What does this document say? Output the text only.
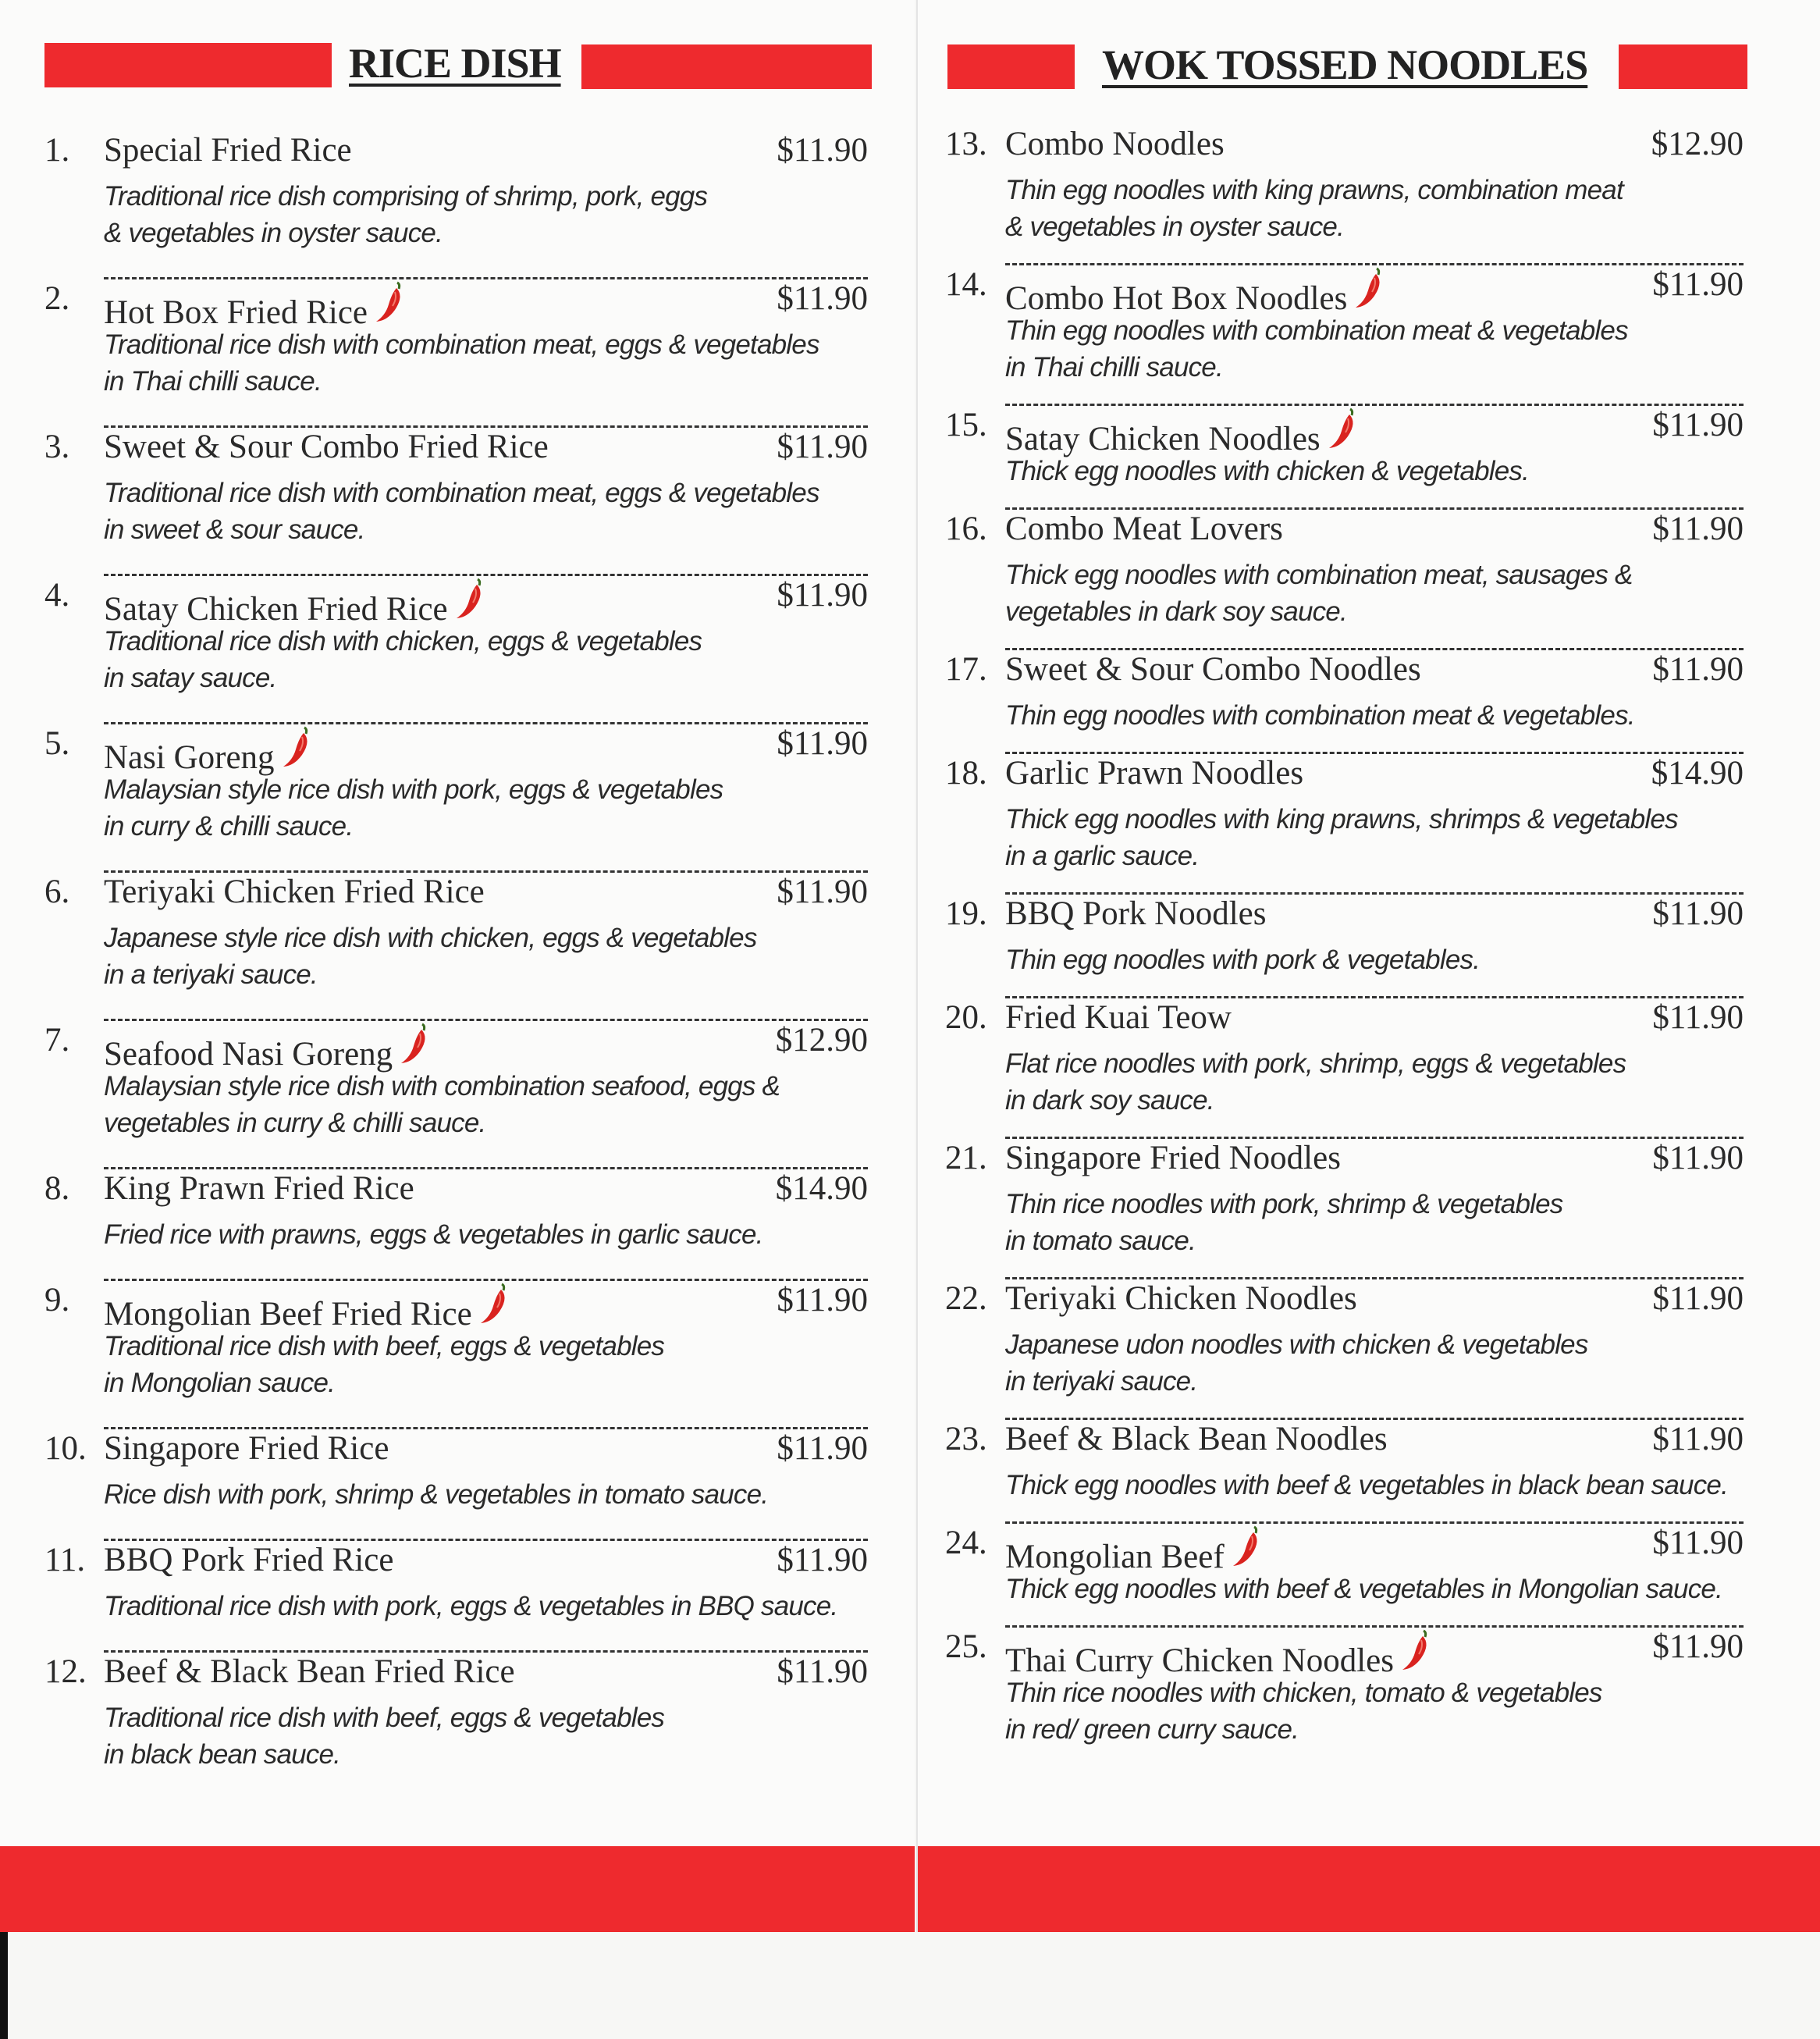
RICE DISH
1. Special Fried Rice	$11.90
Traditional rice dish comprising of shrimp, pork, eggs
& vegetables in oyster sauce.
2. Hot Box Fried Rice	$11.90
Traditional rice dish with combination meat, eggs & vegetables
in Thai chilli sauce.
3. Sweet & Sour Combo Fried Rice	$11.90
Traditional rice dish with combination meat, eggs & vegetables
in sweet & sour sauce.
4. Satay Chicken Fried Rice	$11.90
Traditional rice dish with chicken, eggs & vegetables
in satay sauce.
5. Nasi Goreng	$11.90
Malaysian style rice dish with pork, eggs & vegetables
in curry & chilli sauce.
6. Teriyaki Chicken Fried Rice	$11.90
Japanese style rice dish with chicken, eggs & vegetables
in a teriyaki sauce.
7. Seafood Nasi Goreng	$12.90
Malaysian style rice dish with combination seafood, eggs &
vegetables in curry & chilli sauce.
8. King Prawn Fried Rice	$14.90
Fried rice with prawns, eggs & vegetables in garlic sauce.
9. Mongolian Beef Fried Rice	$11.90
Traditional rice dish with beef, eggs & vegetables
in Mongolian sauce.
10. Singapore Fried Rice	$11.90
Rice dish with pork, shrimp & vegetables in tomato sauce.
11. BBQ Pork Fried Rice	$11.90
Traditional rice dish with pork, eggs & vegetables in BBQ sauce.
12. Beef & Black Bean Fried Rice	$11.90
Traditional rice dish with beef, eggs & vegetables
in black bean sauce.
WOK TOSSED NOODLES
13. Combo Noodles	$12.90
Thin egg noodles with king prawns, combination meat
& vegetables in oyster sauce.
14. Combo Hot Box Noodles	$11.90
Thin egg noodles with combination meat & vegetables
in Thai chilli sauce.
15. Satay Chicken Noodles	$11.90
Thick egg noodles with chicken & vegetables.
16. Combo Meat Lovers	$11.90
Thick egg noodles with combination meat, sausages &
vegetables in dark soy sauce.
17. Sweet & Sour Combo Noodles	$11.90
Thin egg noodles with combination meat & vegetables.
18. Garlic Prawn Noodles	$14.90
Thick egg noodles with king prawns, shrimps & vegetables
in a garlic sauce.
19. BBQ Pork Noodles	$11.90
Thin egg noodles with pork & vegetables.
20. Fried Kuai Teow	$11.90
Flat rice noodles with pork, shrimp, eggs & vegetables
in dark soy sauce.
21. Singapore Fried Noodles	$11.90
Thin rice noodles with pork, shrimp & vegetables
in tomato sauce.
22. Teriyaki Chicken Noodles	$11.90
Japanese udon noodles with chicken & vegetables
in teriyaki sauce.
23. Beef & Black Bean Noodles	$11.90
Thick egg noodles with beef & vegetables in black bean sauce.
24. Mongolian Beef	$11.90
Thick egg noodles with beef & vegetables in Mongolian sauce.
25. Thai Curry Chicken Noodles	$11.90
Thin rice noodles with chicken, tomato & vegetables
in red/ green curry sauce.
